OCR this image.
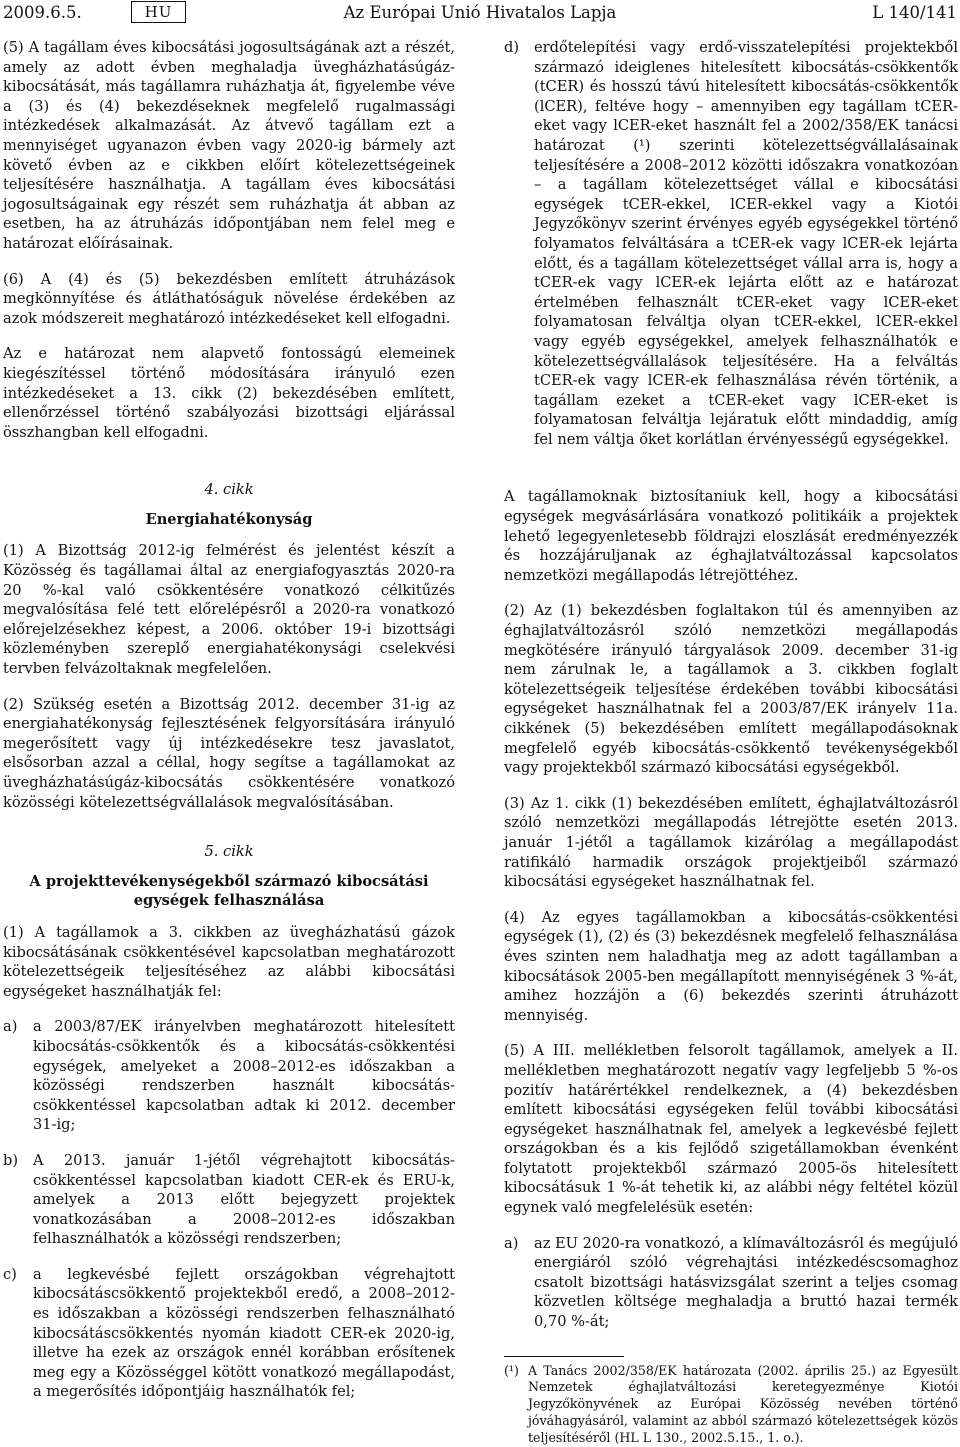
2009.6.5.	HU	Az Európai Unió Hivatalos Lapja	L 140/141

(5) A tagállam éves kibocsátási jogosultságának azt a részét, amely az adott évben meghaladja üvegházhatásúgáz-kibocsátását, más tagállamra ruházhatja át, figyelembe véve a (3) és (4) bekezdéseknek megfelelő rugalmassági intézkedések alkalmazását. Az átvevő tagállam ezt a mennyiséget ugyanazon évben vagy 2020-ig bármely azt követő évben az e cikkben előírt kötelezettségeinek teljesítésére használhatja. A tagállam éves kibocsátási jogosultságainak egy részét sem ruházhatja át abban az esetben, ha az átruházás időpontjában nem felel meg e határozat előírásainak.

(6) A (4) és (5) bekezdésben említett átruházások megkönnyítése és átláthatóságuk növelése érdekében az azok módszereit meghatározó intézkedéseket kell elfogadni.

Az e határozat nem alapvető fontosságú elemeinek kiegészítéssel történő módosítására irányuló ezen intézkedéseket a 13. cikk (2) bekezdésében említett, ellenőrzéssel történő szabályozási bizottsági eljárással összhangban kell elfogadni.

4. cikk

Energiahatékonyság

(1) A Bizottság 2012-ig felmérést és jelentést készít a Közösség és tagállamai által az energiafogyasztás 2020-ra 20 %-kal való csökkentésére vonatkozó célkitűzés megvalósítása felé tett előrelépésről a 2020-ra vonatkozó előrejelzésekhez képest, a 2006. október 19-i bizottsági közleményben szereplő energiahatékonysági cselekvési tervben felvázoltaknak megfelelően.

(2) Szükség esetén a Bizottság 2012. december 31-ig az energiahatékonyság fejlesztésének felgyorsítására irányuló megerősített vagy új intézkedésekre tesz javaslatot, elsősorban azzal a céllal, hogy segítse a tagállamokat az üvegházhatásúgáz-kibocsátás csökkentésére vonatkozó közösségi kötelezettségvállalások megvalósításában.

5. cikk

A projekttevékenységekből származó kibocsátási egységek felhasználása

(1) A tagállamok a 3. cikkben az üvegházhatású gázok kibocsátásának csökkentésével kapcsolatban meghatározott kötelezettségeik teljesítéséhez az alábbi kibocsátási egységeket használhatják fel:

a)	a 2003/87/EK irányelvben meghatározott hitelesített kibocsátás-csökkentők és a kibocsátás-csökkentési egységek, amelyeket a 2008–2012-es időszakban a közösségi rendszerben használt kibocsátás-csökkentéssel kapcsolatban adtak ki 2012. december 31-ig;
b)	A 2013. január 1-jétől végrehajtott kibocsátás-csökkentéssel kapcsolatban kiadott CER-ek és ERU-k, amelyek a 2013 előtt bejegyzett projektek vonatkozásában a 2008–2012-es időszakban felhasználhatók a közösségi rendszerben;
c)	a legkevésbé fejlett országokban végrehajtott kibocsátáscsökkentő projektekből eredő, a 2008–2012-es időszakban a közösségi rendszerben felhasználható kibocsátáscsökkentés nyomán kiadott CER-ek 2020-ig, illetve ha ezek az országok ennél korábban erősítenek meg egy a Közösséggel kötött vonatkozó megállapodást, a megerősítés időpontjáig használhatók fel;
d)	erdőtelepítési vagy erdő-visszatelepítési projektekből származó ideiglenes hitelesített kibocsátás-csökkentők (tCER) és hosszú távú hitelesített kibocsátás-csökkentők (lCER), feltéve hogy – amennyiben egy tagállam tCER-eket vagy lCER-eket használt fel a 2002/358/EK tanácsi határozat (¹) szerinti kötelezettségvállalásainak teljesítésére a 2008–2012 közötti időszakra vonatkozóan – a tagállam kötelezettséget vállal e kibocsátási egységek tCER-ekkel, lCER-ekkel vagy a Kiotói Jegyzőkönyv szerint érvényes egyéb egységekkel történő folyamatos felváltására a tCER-ek vagy lCER-ek lejárta előtt, és a tagállam kötelezettséget vállal arra is, hogy a tCER-ek vagy lCER-ek lejárta előtt az e határozat értelmében felhasznált tCER-eket vagy lCER-eket folyamatosan felváltja olyan tCER-ekkel, lCER-ekkel vagy egyéb egységekkel, amelyek felhasználhatók e kötelezettségvállalások teljesítésére. Ha a felváltás tCER-ek vagy lCER-ek felhasználása révén történik, a tagállam ezeket a tCER-eket vagy lCER-eket is folyamatosan felváltja lejáratuk előtt mindaddig, amíg fel nem váltja őket korlátlan érvényességű egységekkel.

A tagállamoknak biztosítaniuk kell, hogy a kibocsátási egységek megvásárlására vonatkozó politikáik a projektek lehető legegyenletesebb földrajzi eloszlását eredményezzék és hozzájáruljanak az éghajlatváltozással kapcsolatos nemzetközi megállapodás létrejöttéhez.

(2) Az (1) bekezdésben foglaltakon túl és amennyiben az éghajlatváltozásról szóló nemzetközi megállapodás megkötésére irányuló tárgyalások 2009. december 31-ig nem zárulnak le, a tagállamok a 3. cikkben foglalt kötelezettségeik teljesítése érdekében további kibocsátási egységeket használhatnak fel a 2003/87/EK irányelv 11a. cikkének (5) bekezdésében említett megállapodásoknak megfelelő egyéb kibocsátás-csökkentő tevékenységekből vagy projektekből származó kibocsátási egységekből.

(3) Az 1. cikk (1) bekezdésében említett, éghajlatváltozásról szóló nemzetközi megállapodás létrejötte esetén 2013. január 1-jétől a tagállamok kizárólag a megállapodást ratifikáló harmadik országok projektjeiből származó kibocsátási egységeket használhatnak fel.

(4) Az egyes tagállamokban a kibocsátás-csökkentési egységek (1), (2) és (3) bekezdésnek megfelelő felhasználása éves szinten nem haladhatja meg az adott tagállamban a kibocsátások 2005-ben megállapított mennyiségének 3 %-át, amihez hozzájön a (6) bekezdés szerinti átruházott mennyiség.

(5) A III. mellékletben felsorolt tagállamok, amelyek a II. mellékletben meghatározott negatív vagy legfeljebb 5 %-os pozitív határértékkel rendelkeznek, a (4) bekezdésben említett kibocsátási egységeken felül további kibocsátási egységeket használhatnak fel, amelyek a legkevésbé fejlett országokban és a kis fejlődő szigetállamokban évenként folytatott projektekből származó 2005-ös hitelesített kibocsátásuk 1 %-át tehetik ki, az alábbi négy feltétel közül egynek való megfelelésük esetén:

a)	az EU 2020-ra vonatkozó, a klímaváltozásról és megújuló energiáról szóló végrehajtási intézkedéscsomaghoz csatolt bizottsági hatásvizsgálat szerint a teljes csomag közvetlen költsége meghaladja a bruttó hazai termék 0,70 %-át;
(¹) A Tanács 2002/358/EK határozata (2002. április 25.) az Egyesült Nemzetek éghajlatváltozási keretegyezménye Kiotói Jegyzőkönyvének az Európai Közösség nevében történő jóváhagyásáról, valamint az abból származó kötelezettségek közös teljesítéséről (HL L 130., 2002.5.15., 1. o.).
